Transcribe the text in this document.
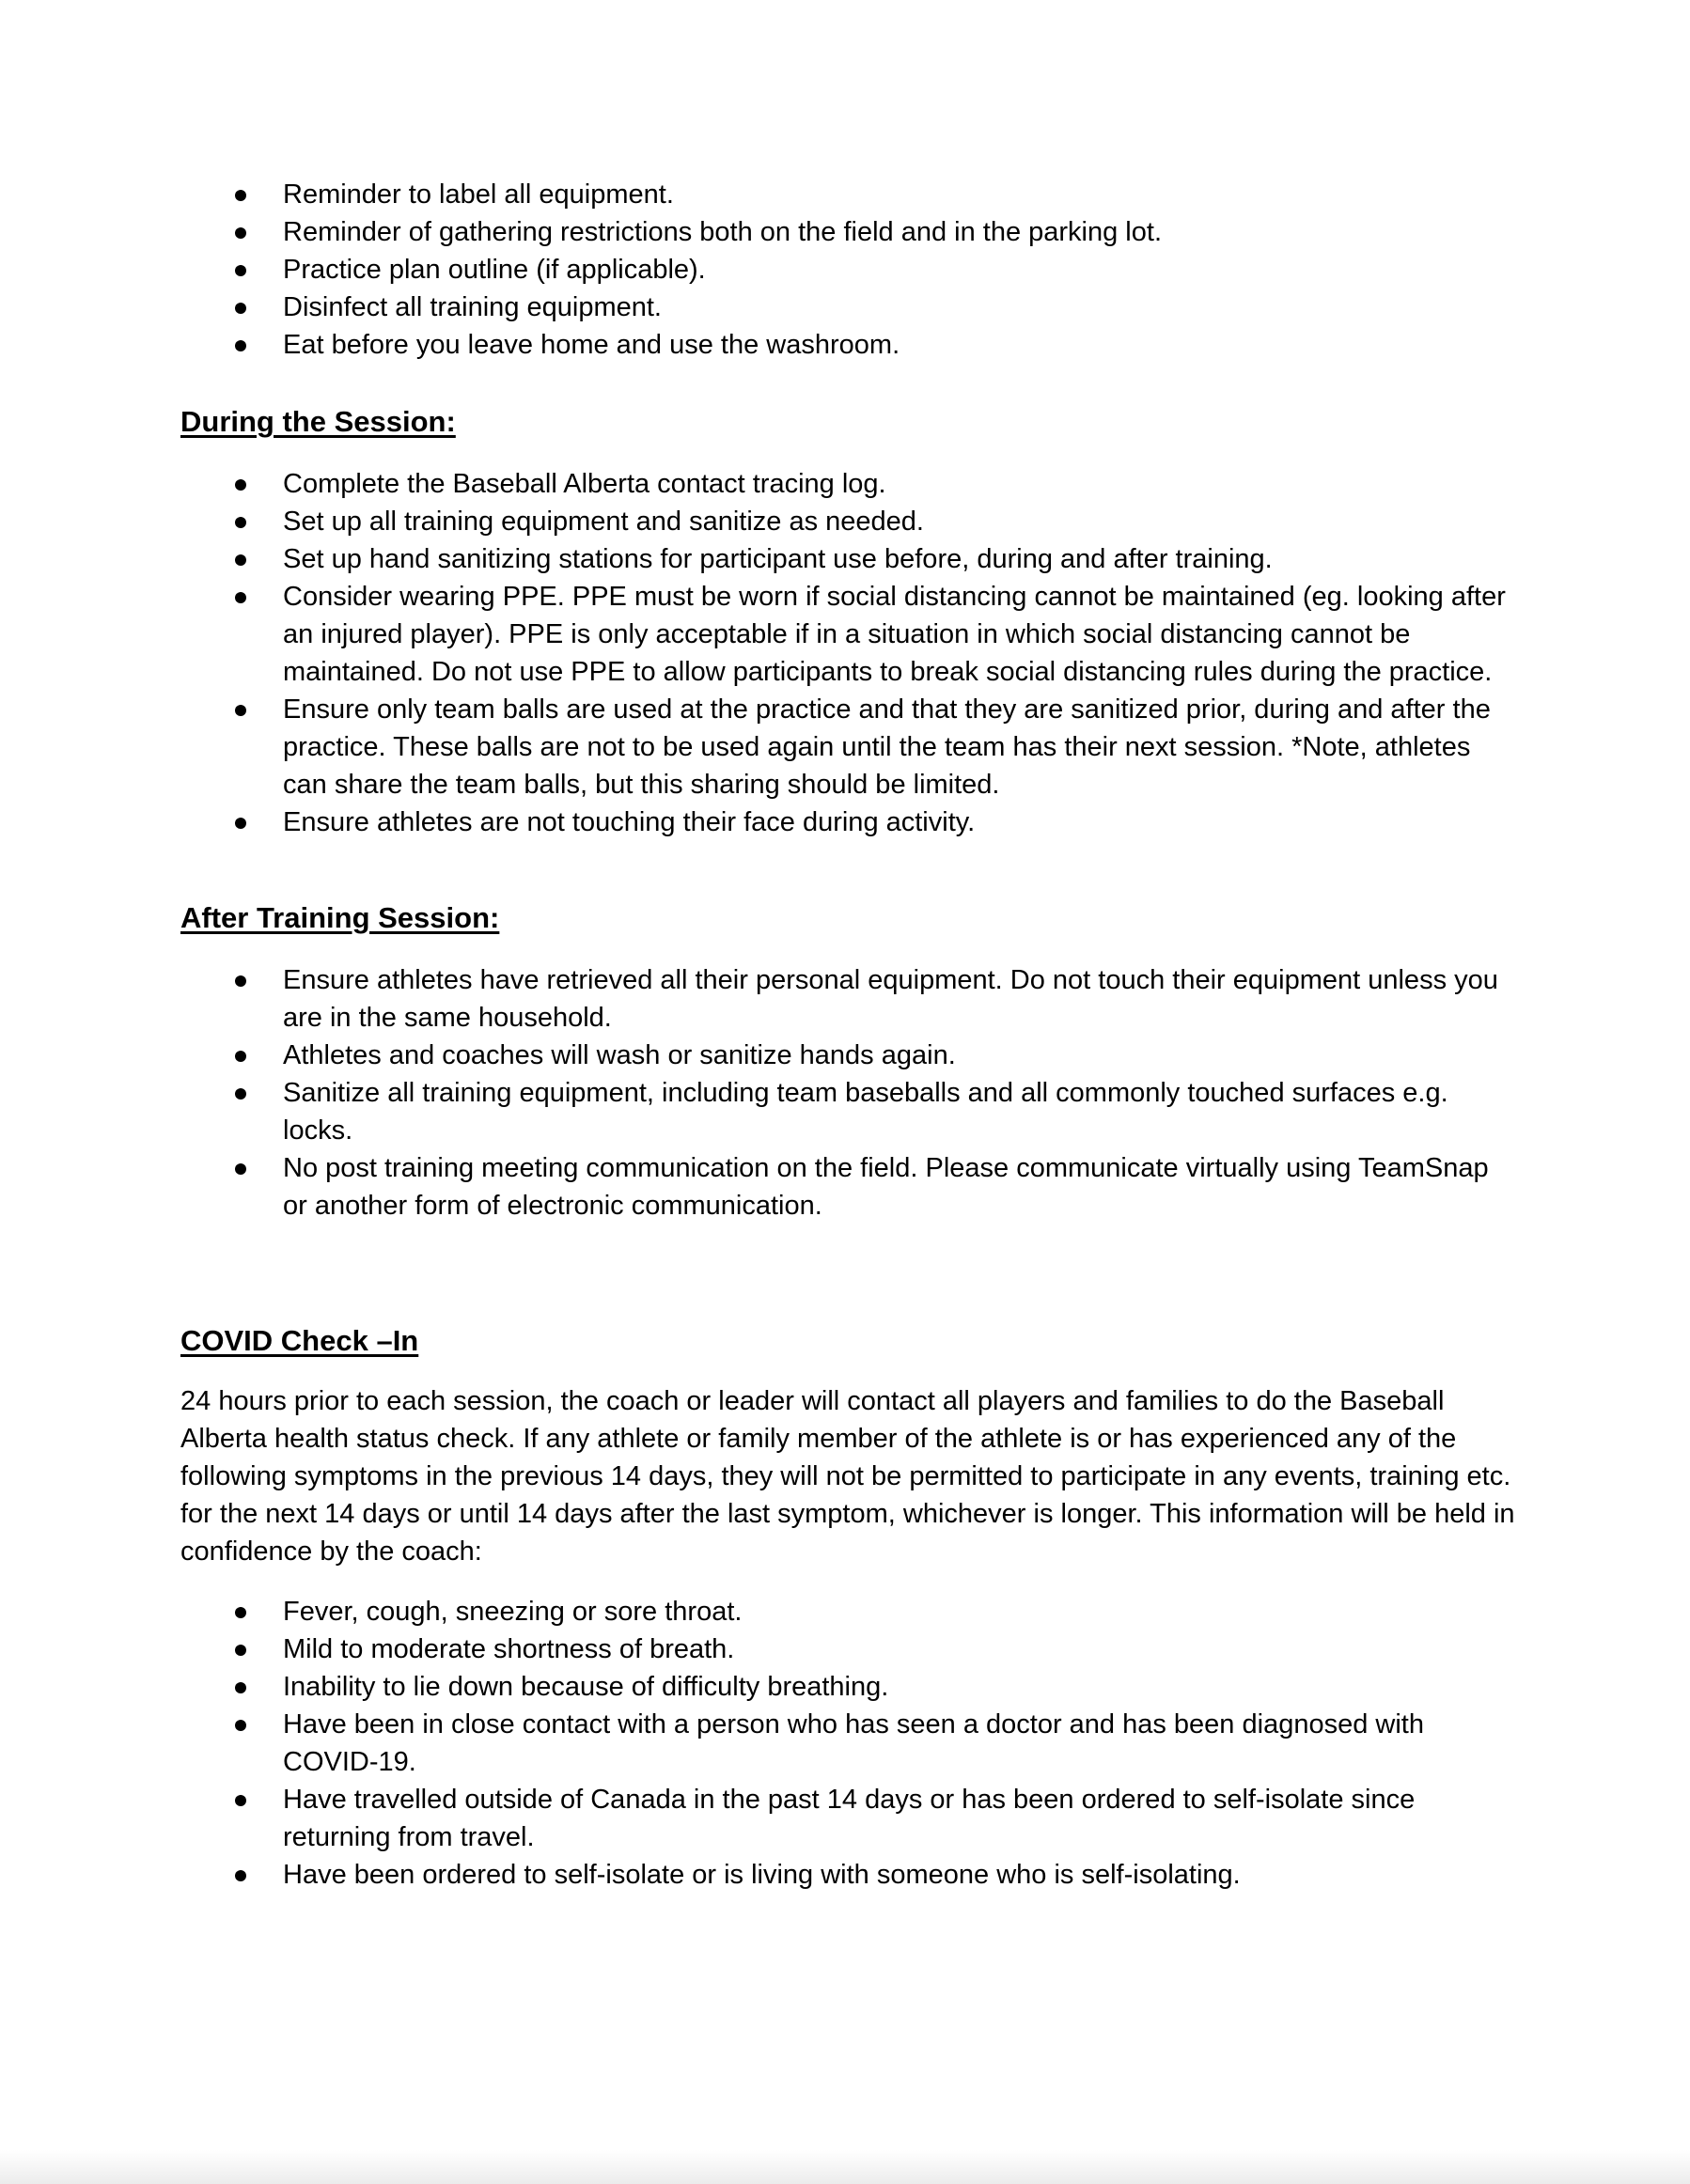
Reminder to label all equipment.
Reminder of gathering restrictions both on the field and in the parking lot.
Practice plan outline (if applicable).
Disinfect all training equipment.
Eat before you leave home and use the washroom.
During the Session:
Complete the Baseball Alberta contact tracing log.
Set up all training equipment and sanitize as needed.
Set up hand sanitizing stations for participant use before, during and after training.
Consider wearing PPE. PPE must be worn if social distancing cannot be maintained (eg. looking after an injured player). PPE is only acceptable if in a situation in which social distancing cannot be maintained. Do not use PPE to allow participants to break social distancing rules during the practice.
Ensure only team balls are used at the practice and that they are sanitized prior, during and after the practice. These balls are not to be used again until the team has their next session. *Note, athletes can share the team balls, but this sharing should be limited.
Ensure athletes are not touching their face during activity.
After Training Session:
Ensure athletes have retrieved all their personal equipment. Do not touch their equipment unless you are in the same household.
Athletes and coaches will wash or sanitize hands again.
Sanitize all training equipment, including team baseballs and all commonly touched surfaces e.g. locks.
No post training meeting communication on the field. Please communicate virtually using TeamSnap or another form of electronic communication.
COVID Check –In

24 hours prior to each session, the coach or leader will contact all players and families to do the Baseball Alberta health status check. If any athlete or family member of the athlete is or has experienced any of the following symptoms in the previous 14 days, they will not be permitted to participate in any events, training etc. for the next 14 days or until 14 days after the last symptom, whichever is longer. This information will be held in confidence by the coach:

Fever, cough, sneezing or sore throat.
Mild to moderate shortness of breath.
Inability to lie down because of difficulty breathing.
Have been in close contact with a person who has seen a doctor and has been diagnosed with COVID-19.
Have travelled outside of Canada in the past 14 days or has been ordered to self-isolate since returning from travel.
Have been ordered to self-isolate or is living with someone who is self-isolating.
